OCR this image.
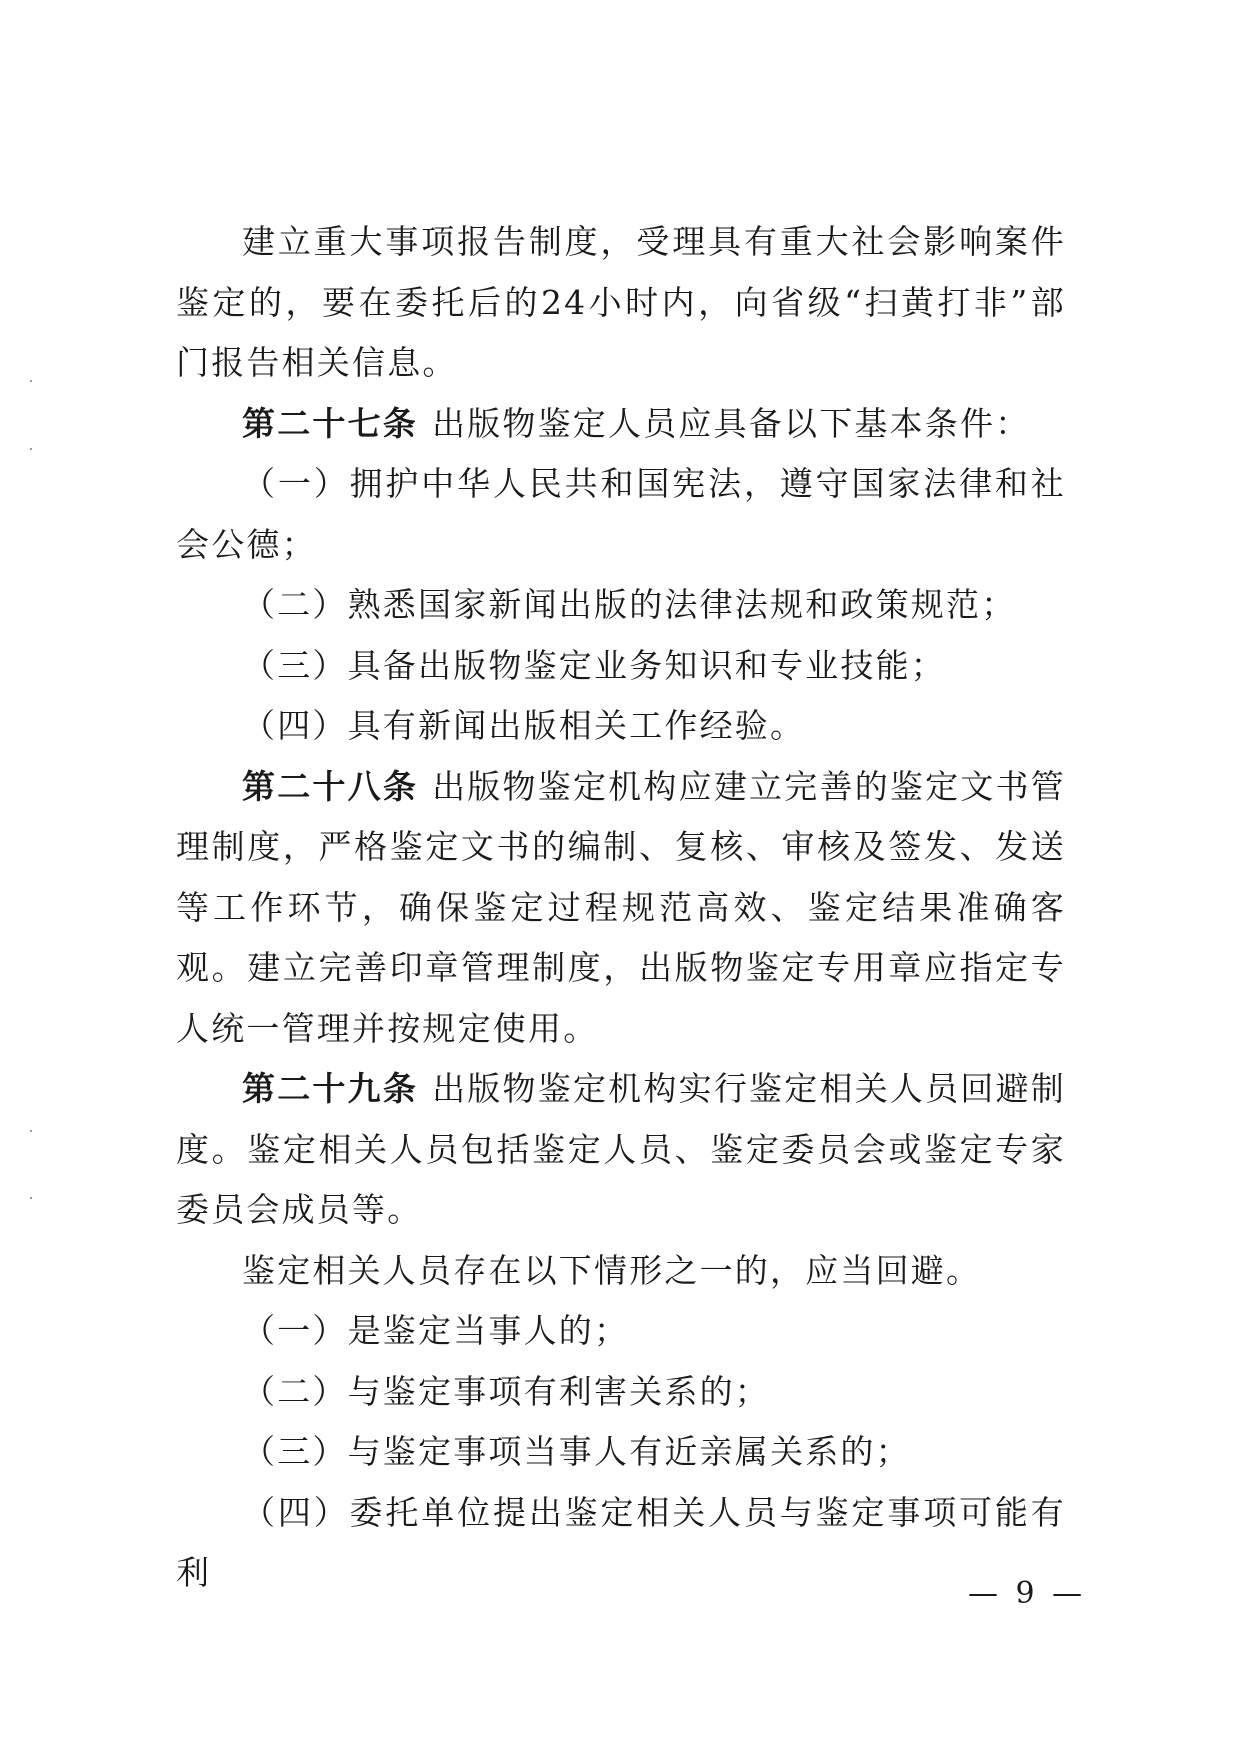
建立重大事项报告制度，受理具有重大社会影响案件鉴定的，要在委托后的24小时内，向省级“扫黄打非”部门报告相关信息。

第二十七条 出版物鉴定人员应具备以下基本条件：

（一）拥护中华人民共和国宪法，遵守国家法律和社会公德；

（二）熟悉国家新闻出版的法律法规和政策规范；

（三）具备出版物鉴定业务知识和专业技能；

（四）具有新闻出版相关工作经验。

第二十八条 出版物鉴定机构应建立完善的鉴定文书管理制度，严格鉴定文书的编制、复核、审核及签发、发送等工作环节，确保鉴定过程规范高效、鉴定结果准确客观。建立完善印章管理制度，出版物鉴定专用章应指定专人统一管理并按规定使用。

第二十九条 出版物鉴定机构实行鉴定相关人员回避制度。鉴定相关人员包括鉴定人员、鉴定委员会或鉴定专家委员会成员等。

鉴定相关人员存在以下情形之一的，应当回避。

（一）是鉴定当事人的；

（二）与鉴定事项有利害关系的；

（三）与鉴定事项当事人有近亲属关系的；

（四）委托单位提出鉴定相关人员与鉴定事项可能有利

— 9 —
